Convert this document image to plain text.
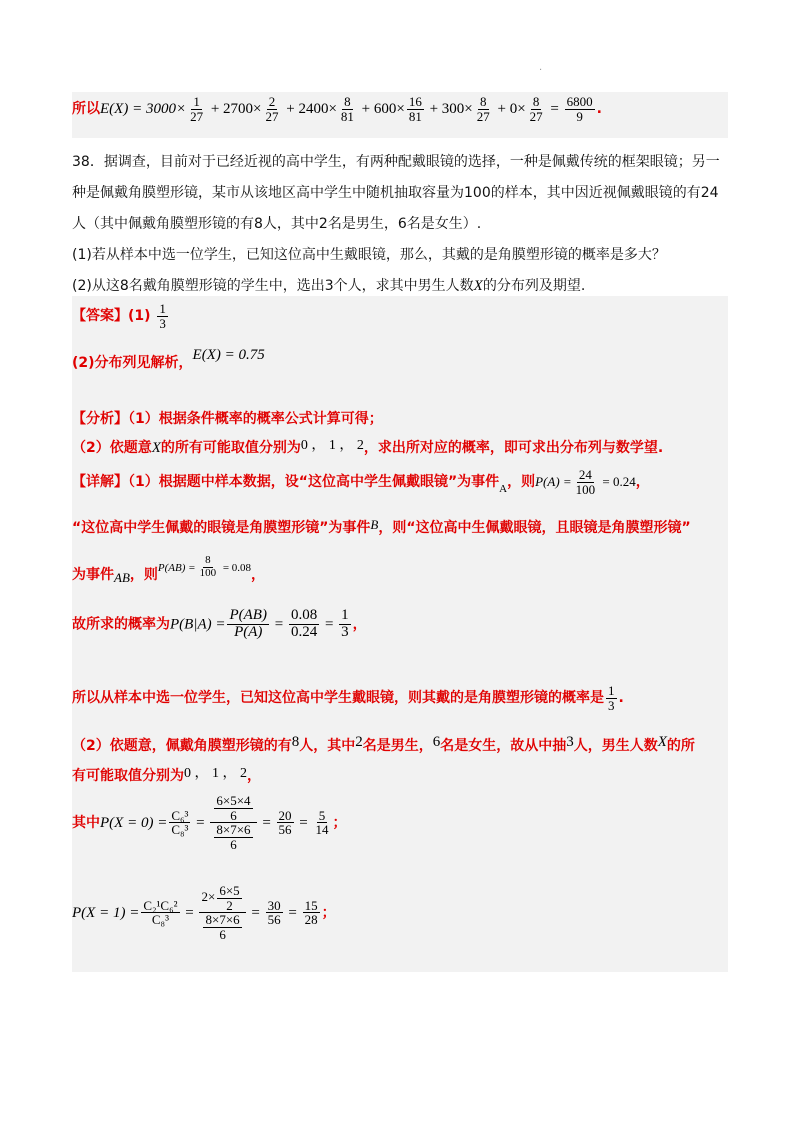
.
所以$E(X) = 3000\times \frac{1}{27} + 2700\times \frac{2}{27} + 2400\times \frac{8}{81} + 600\times \frac{16}{81} + 300\times \frac{8}{27} + 0\times \frac{8}{27} = \frac{6800}{9}$ .
38．据调查，目前对于已经近视的高中学生，有两种配戴眼镜的选择，一种是佩戴传统的框架眼镜；另一
种是佩戴角膜塑形镜，某市从该地区高中学生中随机抽取容量为100的样本，其中因近视佩戴眼镜的有24
人（其中佩戴角膜塑形镜的有8人，其中2名是男生，6名是女生）.
(1)若从样本中选一位学生，已知这位高中生戴眼镜，那么，其戴的是角膜塑形镜的概率是多大？
(2)从这8名戴角膜塑形镜的学生中，选出3个人，求其中男生人数X的分布列及期望.
【答案】$(1) \frac{1}{3}$
(2)分布列见解析，E(X) = 0.75
【分析】（1）根据条件概率的概率公式计算可得；
（2）依题意X的所有可能取值分别为0 ， 1 ， 2，求出所对应的概率，即可求出分布列与数学望.
【详解】（1）根据题中样本数据，设“这位高中学生佩戴眼镜”为事件$_A$，则$P(A) = \frac{24}{100} = 0.24$，
“这位高中学生佩戴的眼镜是角膜塑形镜”为事件B，则“这位高中生佩戴眼镜，且眼镜是角膜塑形镜”
为事件AB，则$^{P(AB) =} \frac{8}{100} ^{= 0.08}$，
故所求的概率为$P(B|A) = \frac{P(AB)}{P(A)} = \frac{0.08}{0.24} = \frac{1}{3}$ ，
所以从样本中选一位学生，已知这位高中学生戴眼镜，则其戴的是角膜塑形镜的概率是 $\frac{1}{3}$ .
（2）依题意，佩戴角膜塑形镜的有8人，其中2名是男生，6名是女生，故从中抽3人，男生人数X的所
有可能取值分别为0 ， 1 ， 2，
其中$P(X = 0) = \frac{\text{C₆³}}{\text{C₈³}} = \frac{\frac{6\times 5\times 4}{6}}{\frac{8\times 7\times 6}{6}} = \frac{20}{56} = \frac{5}{14}$ ；
$P(X = 1) = \frac{\text{C₂¹C₆²}}{\text{C₈³}} = \frac{2\times \frac{6\times 5}{2}}{\frac{8\times 7\times 6}{6}} = \frac{30}{56} = \frac{15}{28}$ ；
